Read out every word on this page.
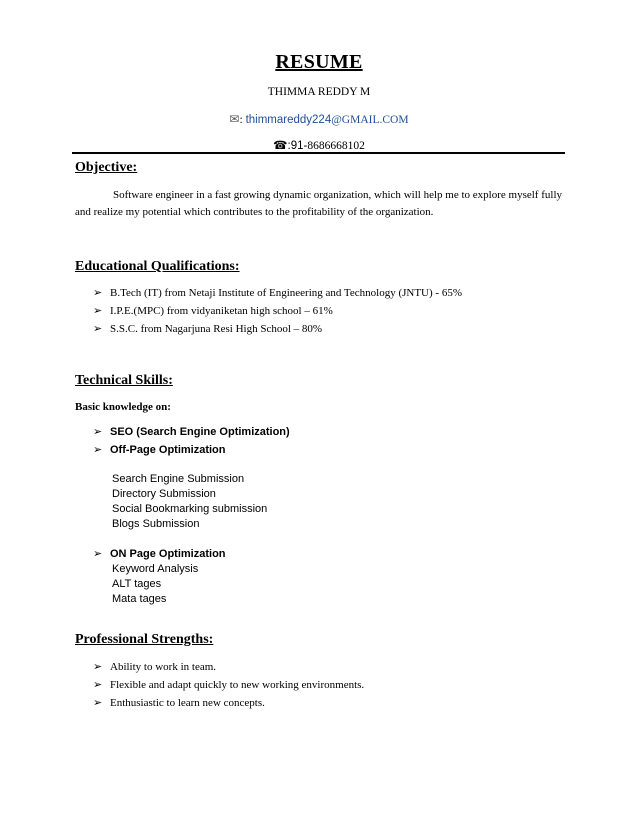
RESUME
THIMMA REDDY M
✉: thimmareddy224@GMAIL.COM
☎:91-8686668102
Objective:
Software engineer in a fast growing dynamic organization, which will help me to explore myself fully and realize my potential which contributes to the profitability of the organization.
Educational Qualifications:
➢ B.Tech (IT) from Netaji Institute of Engineering and Technology (JNTU) - 65%
➢ I.P.E.(MPC) from vidyaniketan high school – 61%
➢ S.S.C. from Nagarjuna Resi High School – 80%
Technical Skills:
Basic knowledge on:
➢ SEO (Search Engine Optimization)
➢ Off-Page Optimization
Search Engine Submission
Directory Submission
Social Bookmarking submission
Blogs Submission
➢ ON Page Optimization
Keyword Analysis
ALT tages
Mata tages
Professional Strengths:
➢ Ability to work in team.
➢ Flexible and adapt quickly to new working environments.
➢ Enthusiastic to learn new concepts.
